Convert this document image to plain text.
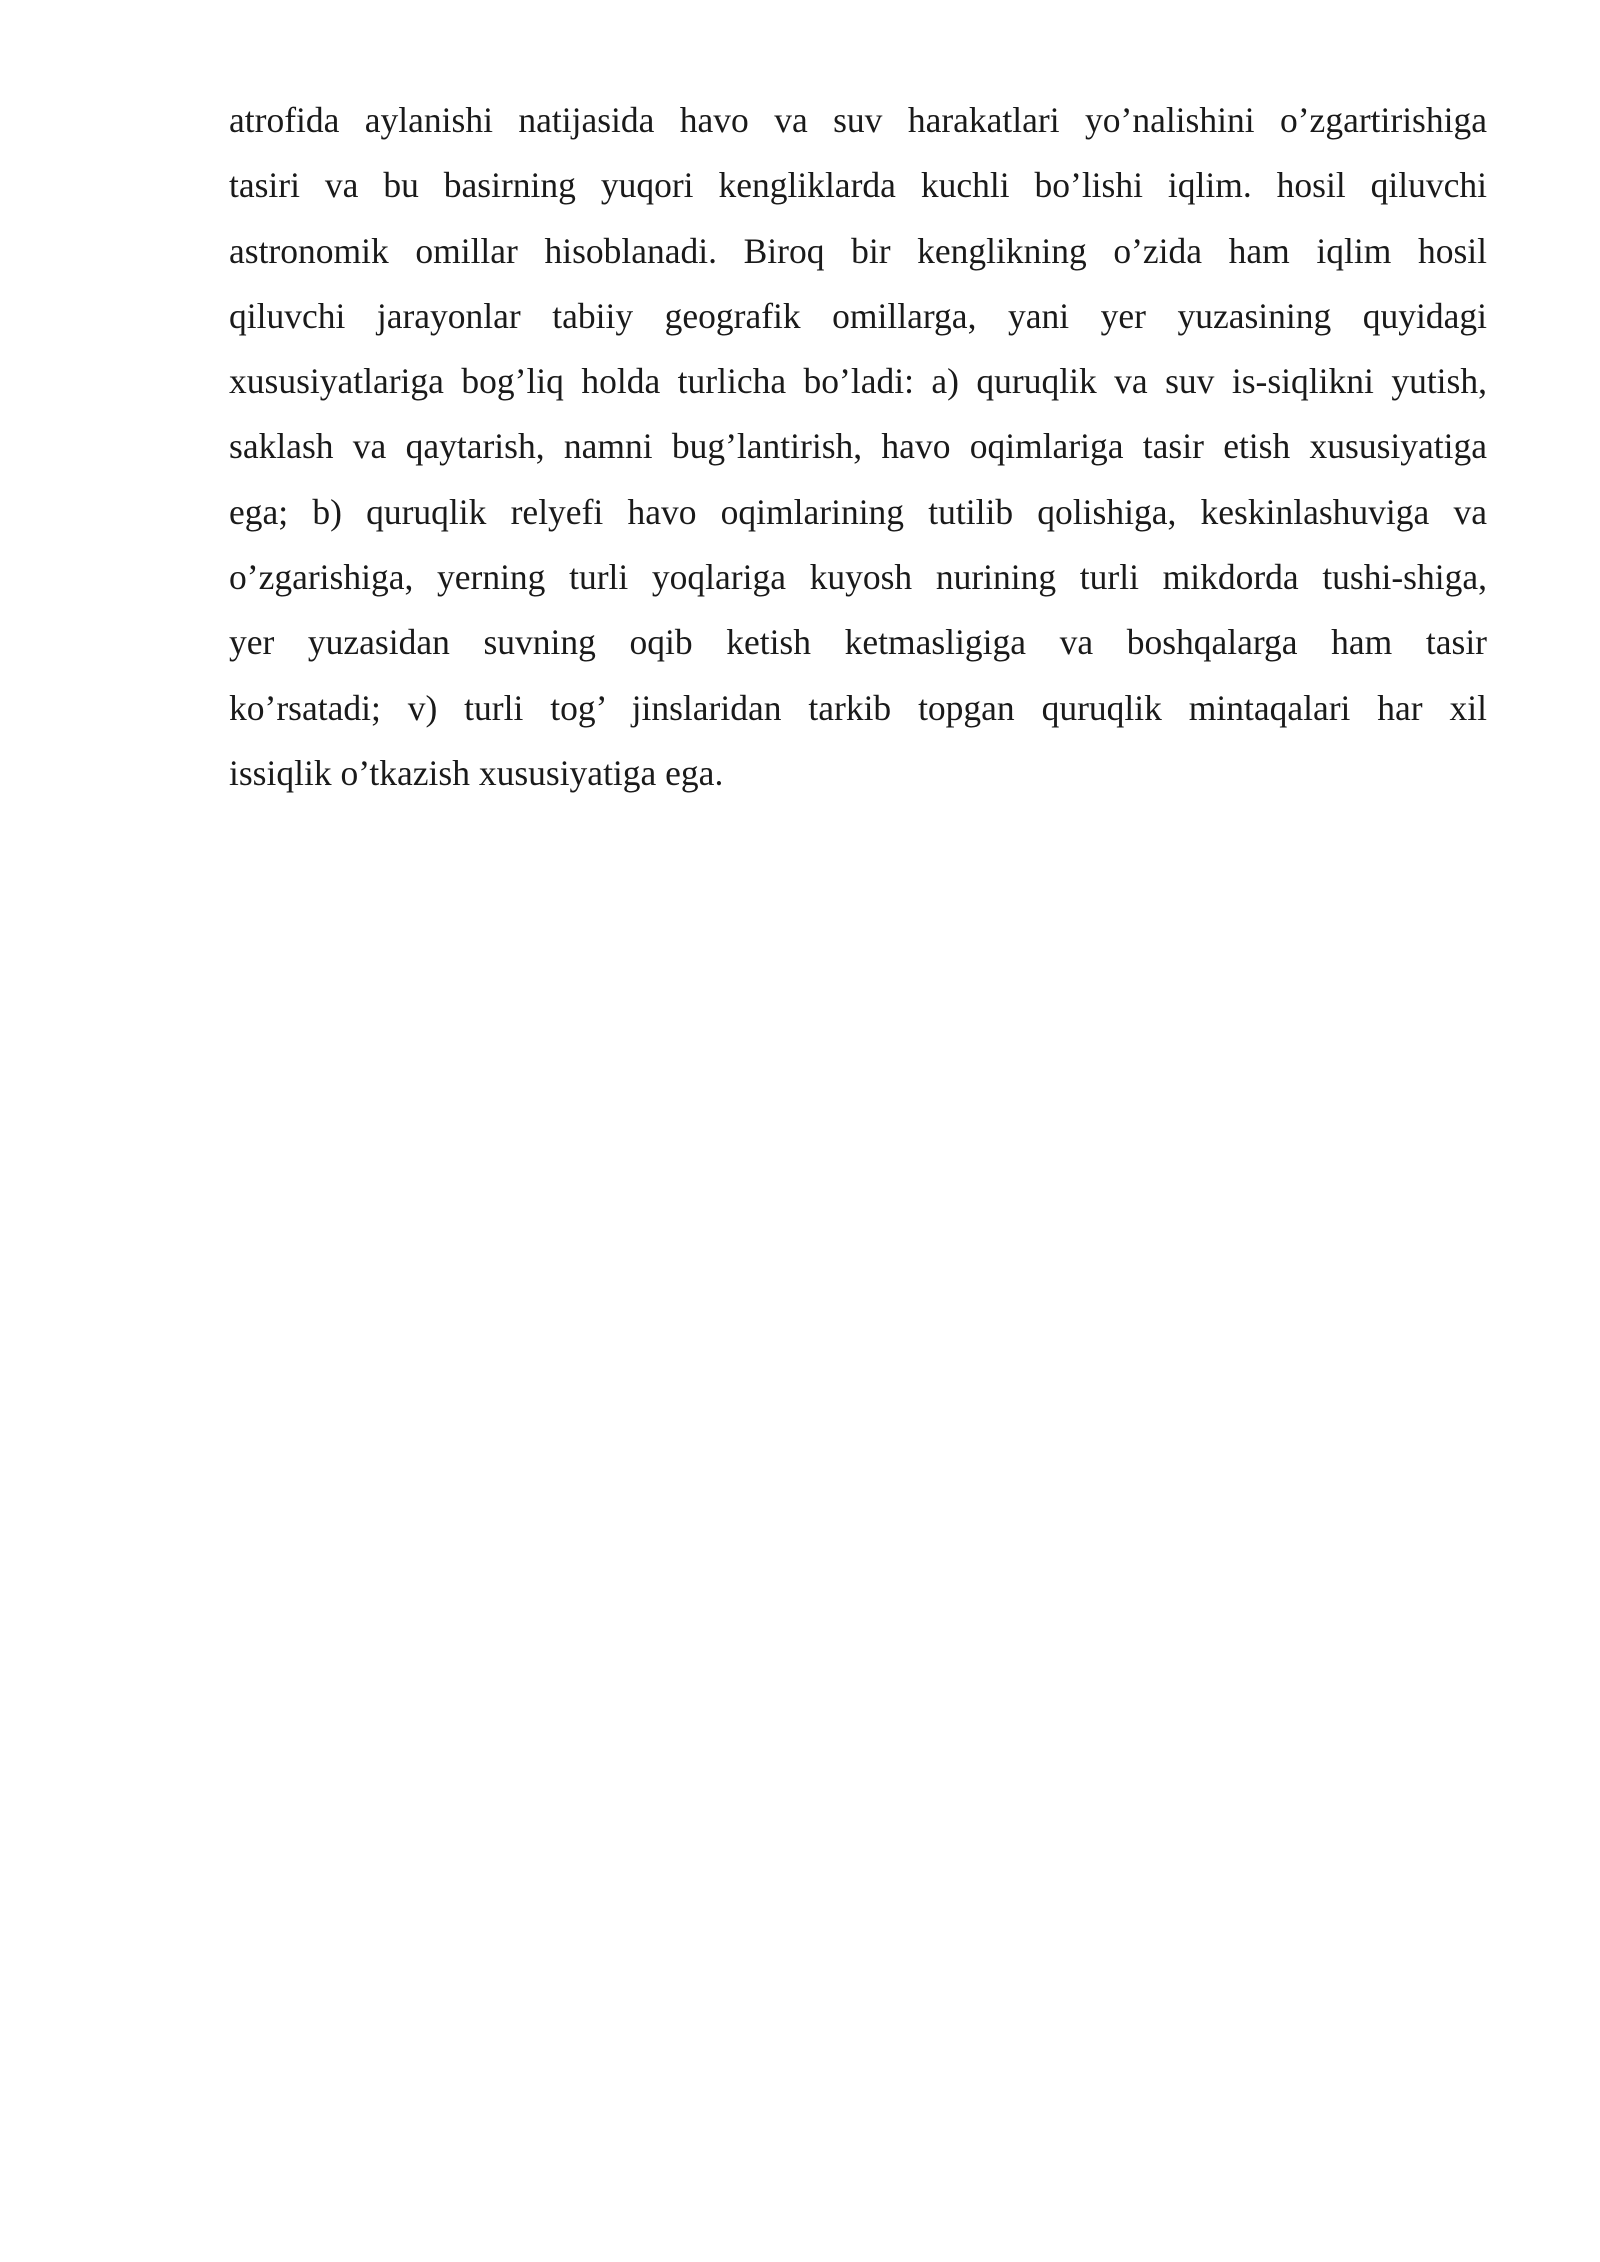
atrofida aylanishi natijasida havo va suv harakatlari yo’nalishini o’zgartirishiga
tasiri va bu basirning yuqori kengliklarda kuchli bo’lishi iqlim. hosil qiluvchi
astronomik omillar hisoblanadi. Biroq bir kenglikning o’zida ham iqlim hosil
qiluvchi jarayonlar tabiiy geografik omillarga, yani yer yuzasining quyidagi
xususiyatlariga bog’liq holda turlicha bo’ladi: a) quruqlik va suv is-siqlikni yutish,
saklash va qaytarish, namni bug’lantirish, havo oqimlariga tasir etish xususiyatiga
ega; b) quruqlik relyefi havo oqimlarining tutilib qolishiga, keskinlashuviga va
o’zgarishiga, yerning turli yoqlariga kuyosh nurining turli mikdorda tushi-shiga,
yer yuzasidan suvning oqib ketish ketmasligiga va boshqalarga ham tasir
ko’rsatadi; v) turli tog’ jinslaridan tarkib topgan quruqlik mintaqalari har xil
issiqlik o’tkazish xususiyatiga ega.
